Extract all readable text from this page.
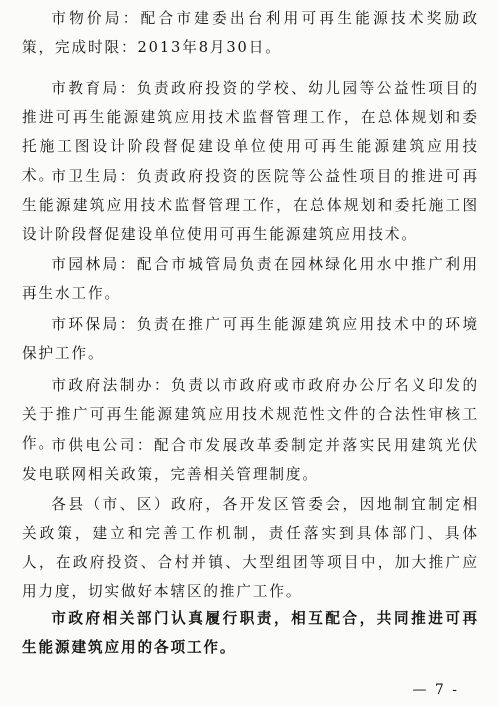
市物价局：配合市建委出台利用可再生能源技术奖励政策，完成时限：2013年8月30日。

市教育局：负责政府投资的学校、幼儿园等公益性项目的推进可再生能源建筑应用技术监督管理工作，在总体规划和委托施工图设计阶段督促建设单位使用可再生能源建筑应用技术。

市卫生局：负责政府投资的医院等公益性项目的推进可再生能源建筑应用技术监督管理工作，在总体规划和委托施工图设计阶段督促建设单位使用可再生能源建筑应用技术。

市园林局：配合市城管局负责在园林绿化用水中推广利用再生水工作。

市环保局：负责在推广可再生能源建筑应用技术中的环境保护工作。

市政府法制办：负责以市政府或市政府办公厅名义印发的关于推广可再生能源建筑应用技术规范性文件的合法性审核工作。

市供电公司：配合市发展改革委制定并落实民用建筑光伏发电联网相关政策，完善相关管理制度。

各县（市、区）政府，各开发区管委会，因地制宜制定相关政策，建立和完善工作机制，责任落实到具体部门、具体人，在政府投资、合村并镇、大型组团等项目中，加大推广应用力度，切实做好本辖区的推广工作。

市政府相关部门认真履行职责，相互配合，共同推进可再生能源建筑应用的各项工作。

— 7 -
